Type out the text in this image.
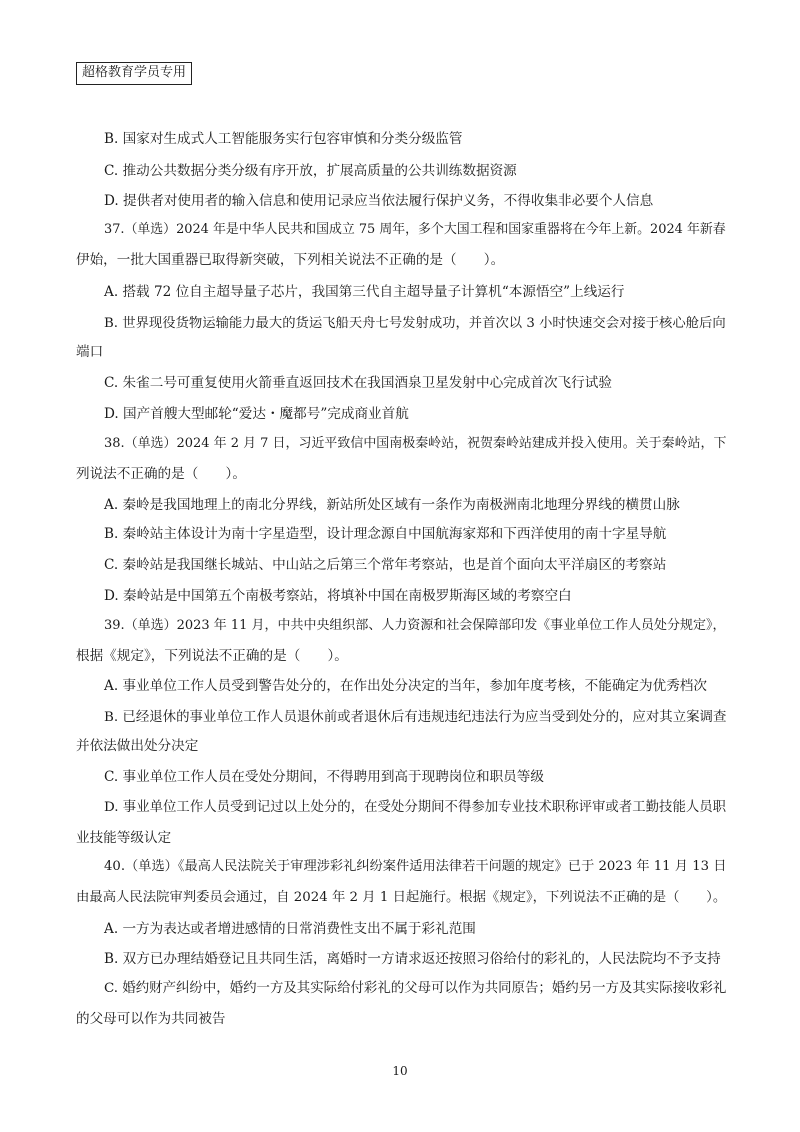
超格教育学员专用
B. 国家对生成式人工智能服务实行包容审慎和分类分级监管
C. 推动公共数据分类分级有序开放，扩展高质量的公共训练数据资源
D. 提供者对使用者的输入信息和使用记录应当依法履行保护义务，不得收集非必要个人信息
37.（单选）2024 年是中华人民共和国成立 75 周年，多个大国工程和国家重器将在今年上新。2024 年新春
伊始，一批大国重器已取得新突破，下列相关说法不正确的是（　　）。
A. 搭载 72 位自主超导量子芯片，我国第三代自主超导量子计算机“本源悟空”上线运行
B. 世界现役货物运输能力最大的货运飞船天舟七号发射成功，并首次以 3 小时快速交会对接于核心舱后向
端口
C. 朱雀二号可重复使用火箭垂直返回技术在我国酒泉卫星发射中心完成首次飞行试验
D. 国产首艘大型邮轮“爱达・魔都号”完成商业首航
38.（单选）2024 年 2 月 7 日，习近平致信中国南极秦岭站，祝贺秦岭站建成并投入使用。关于秦岭站，下
列说法不正确的是（　　）。
A. 秦岭是我国地理上的南北分界线，新站所处区域有一条作为南极洲南北地理分界线的横贯山脉
B. 秦岭站主体设计为南十字星造型，设计理念源自中国航海家郑和下西洋使用的南十字星导航
C. 秦岭站是我国继长城站、中山站之后第三个常年考察站，也是首个面向太平洋扇区的考察站
D. 秦岭站是中国第五个南极考察站，将填补中国在南极罗斯海区域的考察空白
39.（单选）2023 年 11 月，中共中央组织部、人力资源和社会保障部印发《事业单位工作人员处分规定》，
根据《规定》，下列说法不正确的是（　　）。
A. 事业单位工作人员受到警告处分的，在作出处分决定的当年，参加年度考核，不能确定为优秀档次
B. 已经退休的事业单位工作人员退休前或者退休后有违规违纪违法行为应当受到处分的，应对其立案调查
并依法做出处分决定
C. 事业单位工作人员在受处分期间，不得聘用到高于现聘岗位和职员等级
D. 事业单位工作人员受到记过以上处分的，在受处分期间不得参加专业技术职称评审或者工勤技能人员职
业技能等级认定
40.（单选）《最高人民法院关于审理涉彩礼纠纷案件适用法律若干问题的规定》已于 2023 年 11 月 13 日
由最高人民法院审判委员会通过，自 2024 年 2 月 1 日起施行。根据《规定》，下列说法不正确的是（　　）。
A. 一方为表达或者增进感情的日常消费性支出不属于彩礼范围
B. 双方已办理结婚登记且共同生活，离婚时一方请求返还按照习俗给付的彩礼的，人民法院均不予支持
C. 婚约财产纠纷中，婚约一方及其实际给付彩礼的父母可以作为共同原告；婚约另一方及其实际接收彩礼
的父母可以作为共同被告
10
